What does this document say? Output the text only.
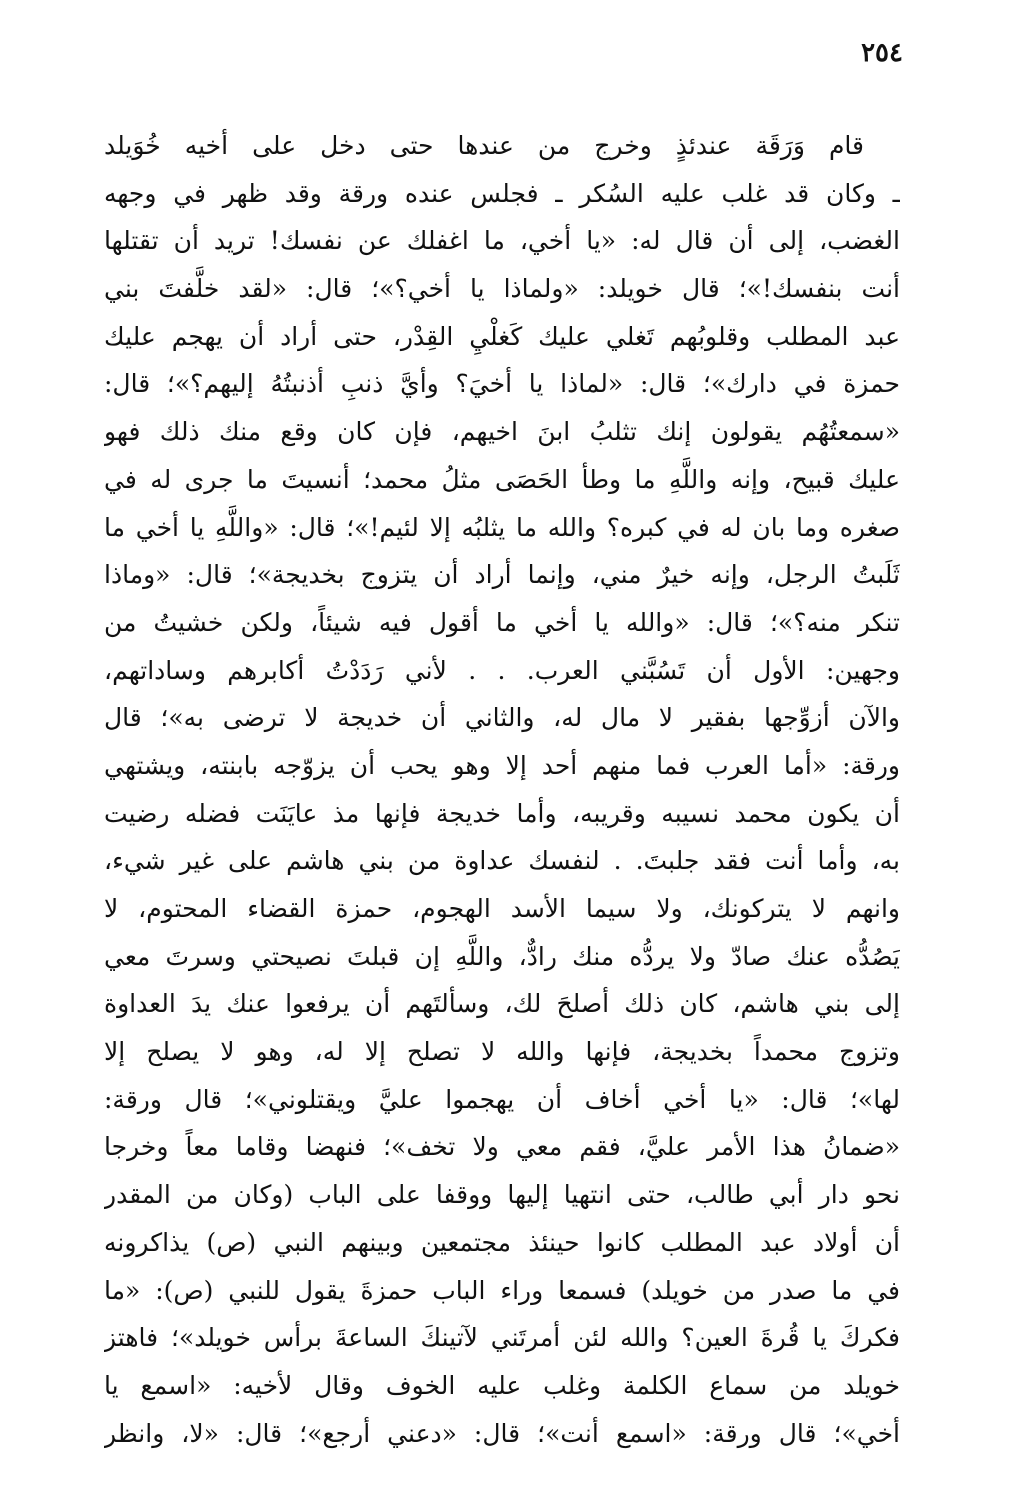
٢٥٤
قام وَرَقَة عندئذٍ وخرج من عندها حتى دخل على أخيه خُوَيلد
ـ وكان قد غلب عليه السُكر ـ فجلس عنده ورقة وقد ظهر في وجهه
الغضب، إلى أن قال له: «يا أخي، ما اغفلك عن نفسك! تريد أن تقتلها
أنت بنفسك!»؛ قال خويلد: «ولماذا يا أخي؟»؛ قال: «لقد خلَّفتَ بني
عبد المطلب وقلوبُهم تَغلي عليك كَغلْيِ القِدْر، حتى أراد أن يهجم عليك
حمزة في دارك»؛ قال: «لماذا يا أخيَ؟ وأيَّ ذنبِ أذنبتُهُ إليهم؟»؛ قال:
«سمعتُهُم يقولون إنك تثلبُ ابنَ اخيهم، فإن كان وقع منك ذلك فهو
عليك قبيح، وإنه واللَّهِ ما وطأ الحَصَى مثلُ محمد؛ أنسيتَ ما جرى له في
صغره وما بان له في كبره؟ والله ما يثلبُه إلا لئيم!»؛ قال: «واللَّهِ يا أخي ما
ثَلَبتُ الرجل، وإنه خيرٌ مني، وإنما أراد أن يتزوج بخديجة»؛ قال: «وماذا
تنكر منه؟»؛ قال: «والله يا أخي ما أقول فيه شيئاً، ولكن خشيتُ من
وجهين: الأول أن تَسُبَّني العرب. . . لأني رَدَدْتُ أكابرهم وساداتهم،
والآن أزوِّجها بفقير لا مال له، والثاني أن خديجة لا ترضى به»؛ قال
ورقة: «أما العرب فما منهم أحد إلا وهو يحب أن يزوّجه بابنته، ويشتهي
أن يكون محمد نسيبه وقريبه، وأما خديجة فإنها مذ عايَنَت فضله رضيت
به، وأما أنت فقد جلبتَ. . لنفسك عداوة من بني هاشم على غير شيء،
وانهم لا يتركونك، ولا سيما الأسد الهجوم، حمزة القضاء المحتوم، لا
يَصُدُّه عنك صادّ ولا يردُّه منك رادٌّ، واللَّهِ إن قبلتَ نصيحتي وسرتَ معي
إلى بني هاشم، كان ذلك أصلحَ لك، وسألتَهم أن يرفعوا عنك يدَ العداوة
وتزوج محمداً بخديجة، فإنها والله لا تصلح إلا له، وهو لا يصلح إلا
لها»؛ قال: «يا أخي أخاف أن يهجموا عليَّ ويقتلوني»؛ قال ورقة:
«ضمانُ هذا الأمر عليَّ، فقم معي ولا تخف»؛ فنهضا وقاما معاً وخرجا
نحو دار أبي طالب، حتى انتهيا إليها ووقفا على الباب (وكان من المقدر
أن أولاد عبد المطلب كانوا حينئذ مجتمعين وبينهم النبي (ص) يذاكرونه
في ما صدر من خويلد) فسمعا وراء الباب حمزةَ يقول للنبي (ص): «ما
فكركَ يا قُرةَ العين؟ والله لئن أمرتَني لآتينكَ الساعةَ برأس خويلد»؛ فاهتز
خويلد من سماع الكلمة وغلب عليه الخوف وقال لأخيه: «اسمع يا
أخي»؛ قال ورقة: «اسمع أنت»؛ قال: «دعني أرجع»؛ قال: «لا، وانظر
